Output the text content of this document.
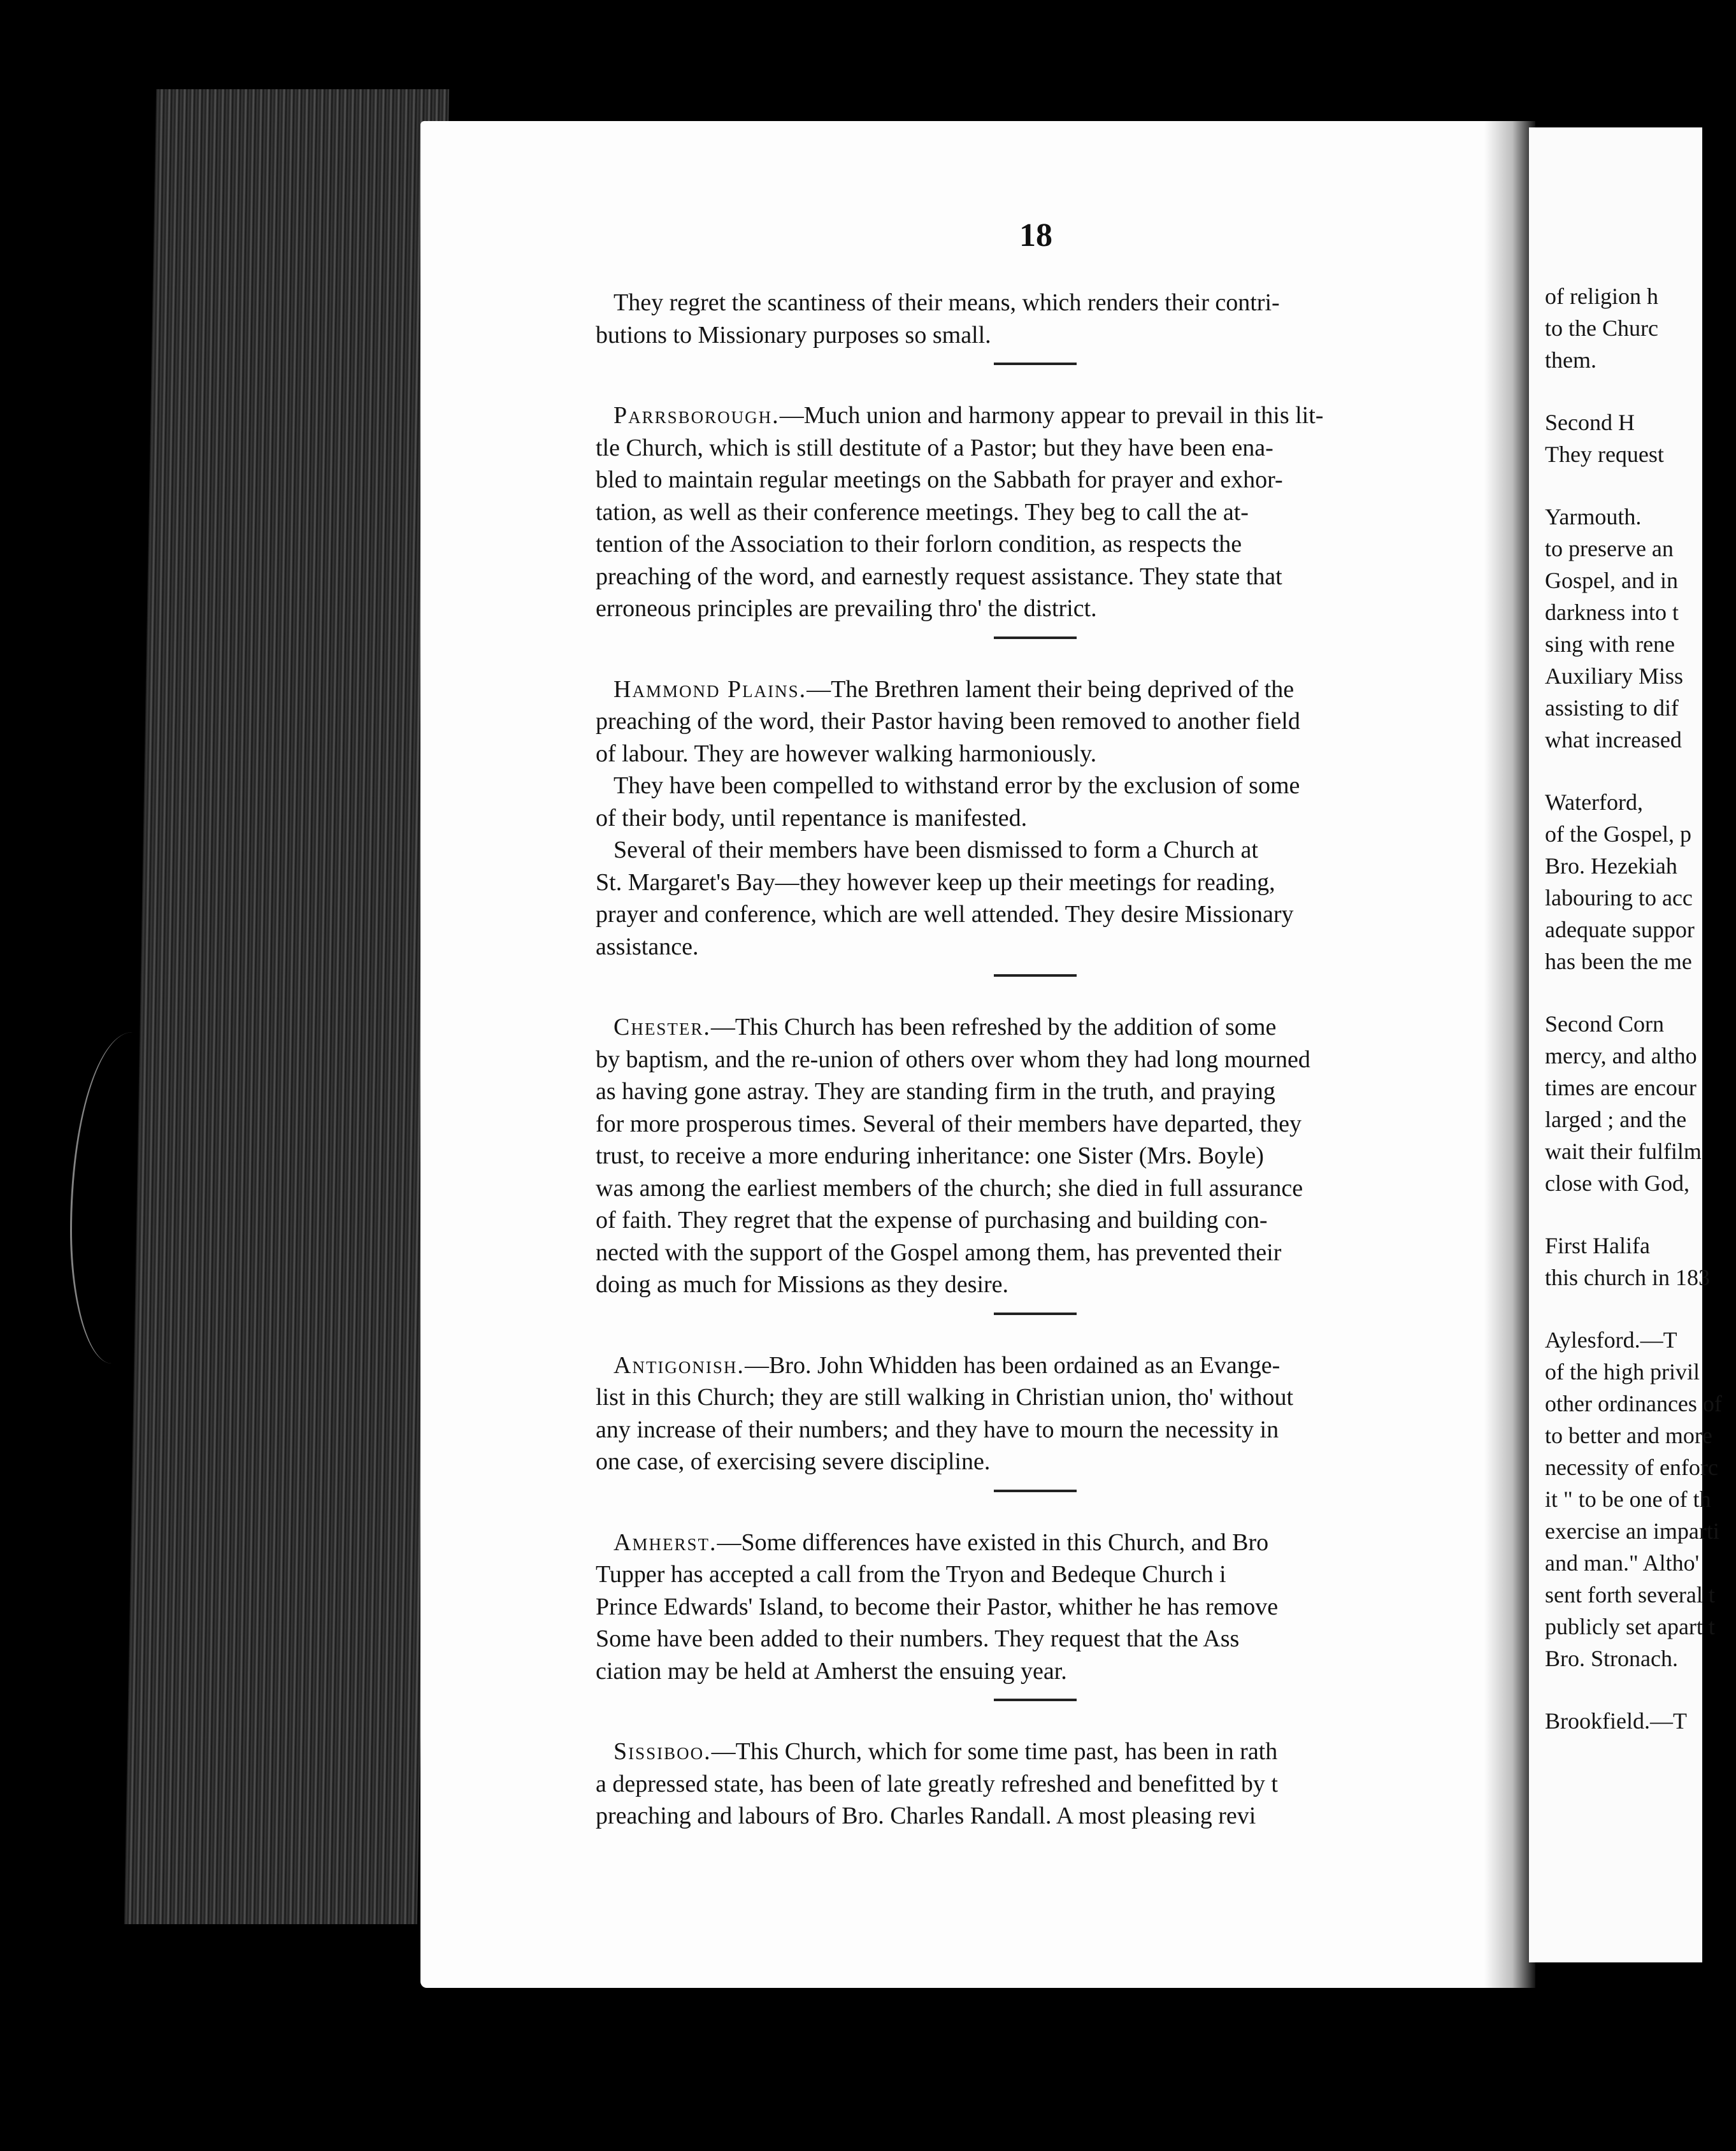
18
They regret the scantiness of their means, which renders their contri-
butions to Missionary purposes so small.
Parrsborough.—Much union and harmony appear to prevail in this lit-
tle Church, which is still destitute of a Pastor; but they have been ena-
bled to maintain regular meetings on the Sabbath for prayer and exhor-
tation, as well as their conference meetings. They beg to call the at-
tention of the Association to their forlorn condition, as respects the
preaching of the word, and earnestly request assistance. They state that
erroneous principles are prevailing thro' the district.
Hammond Plains.—The Brethren lament their being deprived of the
preaching of the word, their Pastor having been removed to another field
of labour. They are however walking harmoniously.
They have been compelled to withstand error by the exclusion of some
of their body, until repentance is manifested.
Several of their members have been dismissed to form a Church at
St. Margaret's Bay—they however keep up their meetings for reading,
prayer and conference, which are well attended. They desire Missionary
assistance.
Chester.—This Church has been refreshed by the addition of some
by baptism, and the re-union of others over whom they had long mourned
as having gone astray. They are standing firm in the truth, and praying
for more prosperous times. Several of their members have departed, they
trust, to receive a more enduring inheritance: one Sister (Mrs. Boyle)
was among the earliest members of the church; she died in full assurance
of faith. They regret that the expense of purchasing and building con-
nected with the support of the Gospel among them, has prevented their
doing as much for Missions as they desire.
Antigonish.—Bro. John Whidden has been ordained as an Evange-
list in this Church; they are still walking in Christian union, tho' without
any increase of their numbers; and they have to mourn the necessity in
one case, of exercising severe discipline.
Amherst.—Some differences have existed in this Church, and Bro
Tupper has accepted a call from the Tryon and Bedeque Church i
Prince Edwards' Island, to become their Pastor, whither he has remove
Some have been added to their numbers. They request that the Ass
ciation may be held at Amherst the ensuing year.
Sissiboo.—This Church, which for some time past, has been in rath
a depressed state, has been of late greatly refreshed and benefitted by t
preaching and labours of Bro. Charles Randall. A most pleasing revi
of religion h
to the Churc
them.
Second H
They request
Yarmouth.
to preserve an
Gospel, and in
darkness into t
sing with rene
Auxiliary Miss
assisting to dif
what increased
Waterford,
of the Gospel, p
Bro. Hezekiah
labouring to acc
adequate suppor
has been the me
Second Corn
mercy, and altho
times are encour
larged ; and the
wait their fulfilm
close with God,
First Halifa
this church in 183
Aylesford.—T
of the high privil
other ordinances of
to better and more
necessity of enforc
it " to be one of th
exercise an imparti
and man." Altho'
sent forth several t
publicly set apart t
Bro. Stronach.
Brookfield.—T
